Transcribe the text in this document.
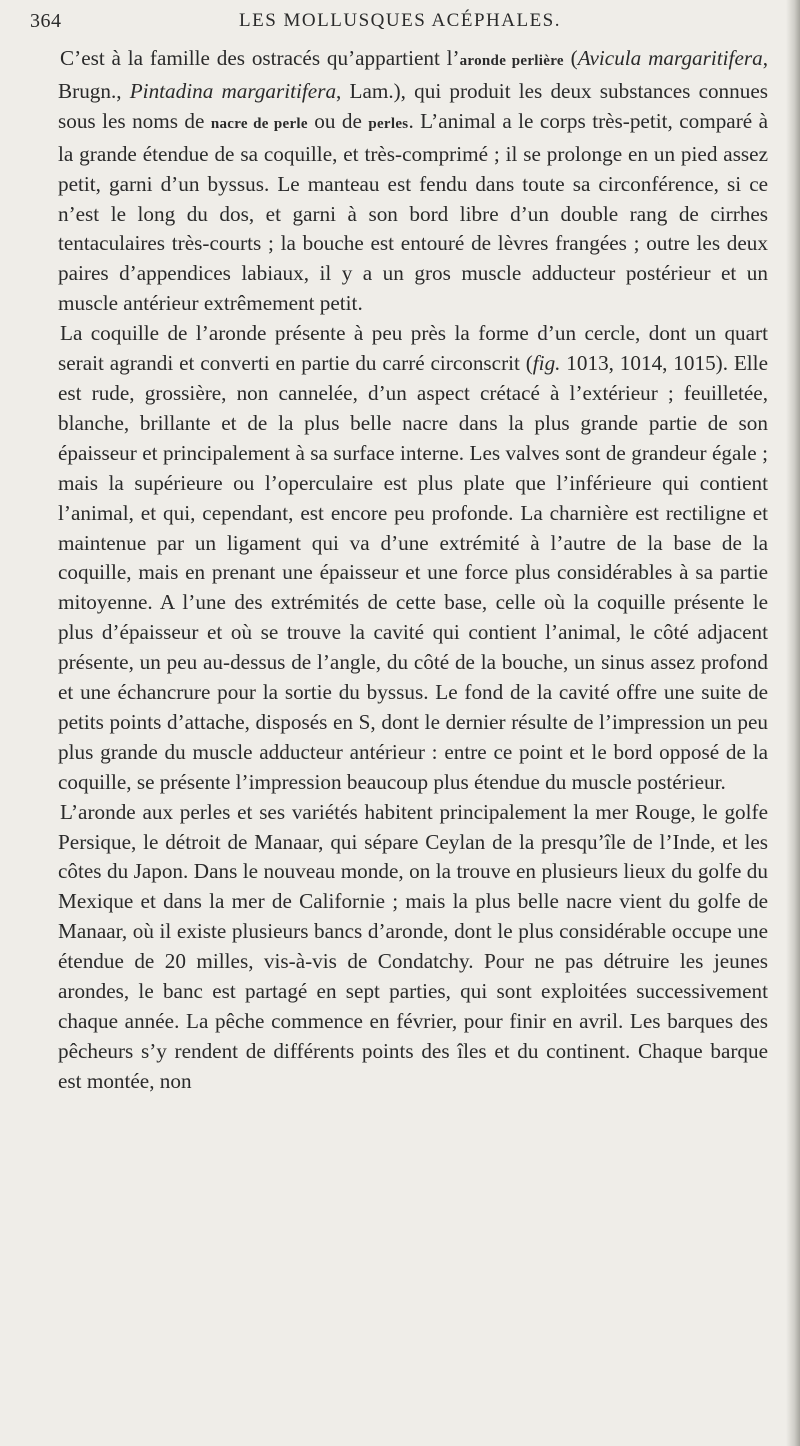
364	LES MOLLUSQUES ACÉPHALES.

C’est à la famille des ostracés qu’appartient l’aronde perlière (Avicula margaritifera, Brugn., Pintadina margaritifera, Lam.), qui produit les deux substances connues sous les noms de nacre de perle ou de perles. L’animal a le corps très-petit, comparé à la grande étendue de sa coquille, et très-comprimé ; il se prolonge en un pied assez petit, garni d’un byssus. Le manteau est fendu dans toute sa circonférence, si ce n’est le long du dos, et garni à son bord libre d’un double rang de cirrhes tentaculaires très-courts ; la bouche est entouré de lèvres frangées ; outre les deux paires d’appendices labiaux, il y a un gros muscle adducteur postérieur et un muscle antérieur extrêmement petit.

La coquille de l’aronde présente à peu près la forme d’un cercle, dont un quart serait agrandi et converti en partie du carré circonscrit (fig. 1013, 1014, 1015). Elle est rude, grossière, non cannelée, d’un aspect crétacé à l’extérieur ; feuilletée, blanche, brillante et de la plus belle nacre dans la plus grande partie de son épaisseur et principalement à sa surface interne. Les valves sont de grandeur égale ; mais la supérieure ou l’operculaire est plus plate que l’inférieure qui contient l’animal, et qui, cependant, est encore peu profonde. La charnière est rectiligne et maintenue par un ligament qui va d’une extrémité à l’autre de la base de la coquille, mais en prenant une épaisseur et une force plus considérables à sa partie mitoyenne. A l’une des extrémités de cette base, celle où la coquille présente le plus d’épaisseur et où se trouve la cavité qui contient l’animal, le côté adjacent présente, un peu au-dessus de l’angle, du côté de la bouche, un sinus assez profond et une échancrure pour la sortie du byssus. Le fond de la cavité offre une suite de petits points d’attache, disposés en S, dont le dernier résulte de l’impression un peu plus grande du muscle adducteur antérieur : entre ce point et le bord opposé de la coquille, se présente l’impression beaucoup plus étendue du muscle postérieur.

L’aronde aux perles et ses variétés habitent principalement la mer Rouge, le golfe Persique, le détroit de Manaar, qui sépare Ceylan de la presqu’île de l’Inde, et les côtes du Japon. Dans le nouveau monde, on la trouve en plusieurs lieux du golfe du Mexique et dans la mer de Californie ; mais la plus belle nacre vient du golfe de Manaar, où il existe plusieurs bancs d’aronde, dont le plus considérable occupe une étendue de 20 milles, vis-à-vis de Condatchy. Pour ne pas détruire les jeunes arondes, le banc est partagé en sept parties, qui sont exploitées successivement chaque année. La pêche commence en février, pour finir en avril. Les barques des pêcheurs s’y rendent de différents points des îles et du continent. Chaque barque est montée, non
